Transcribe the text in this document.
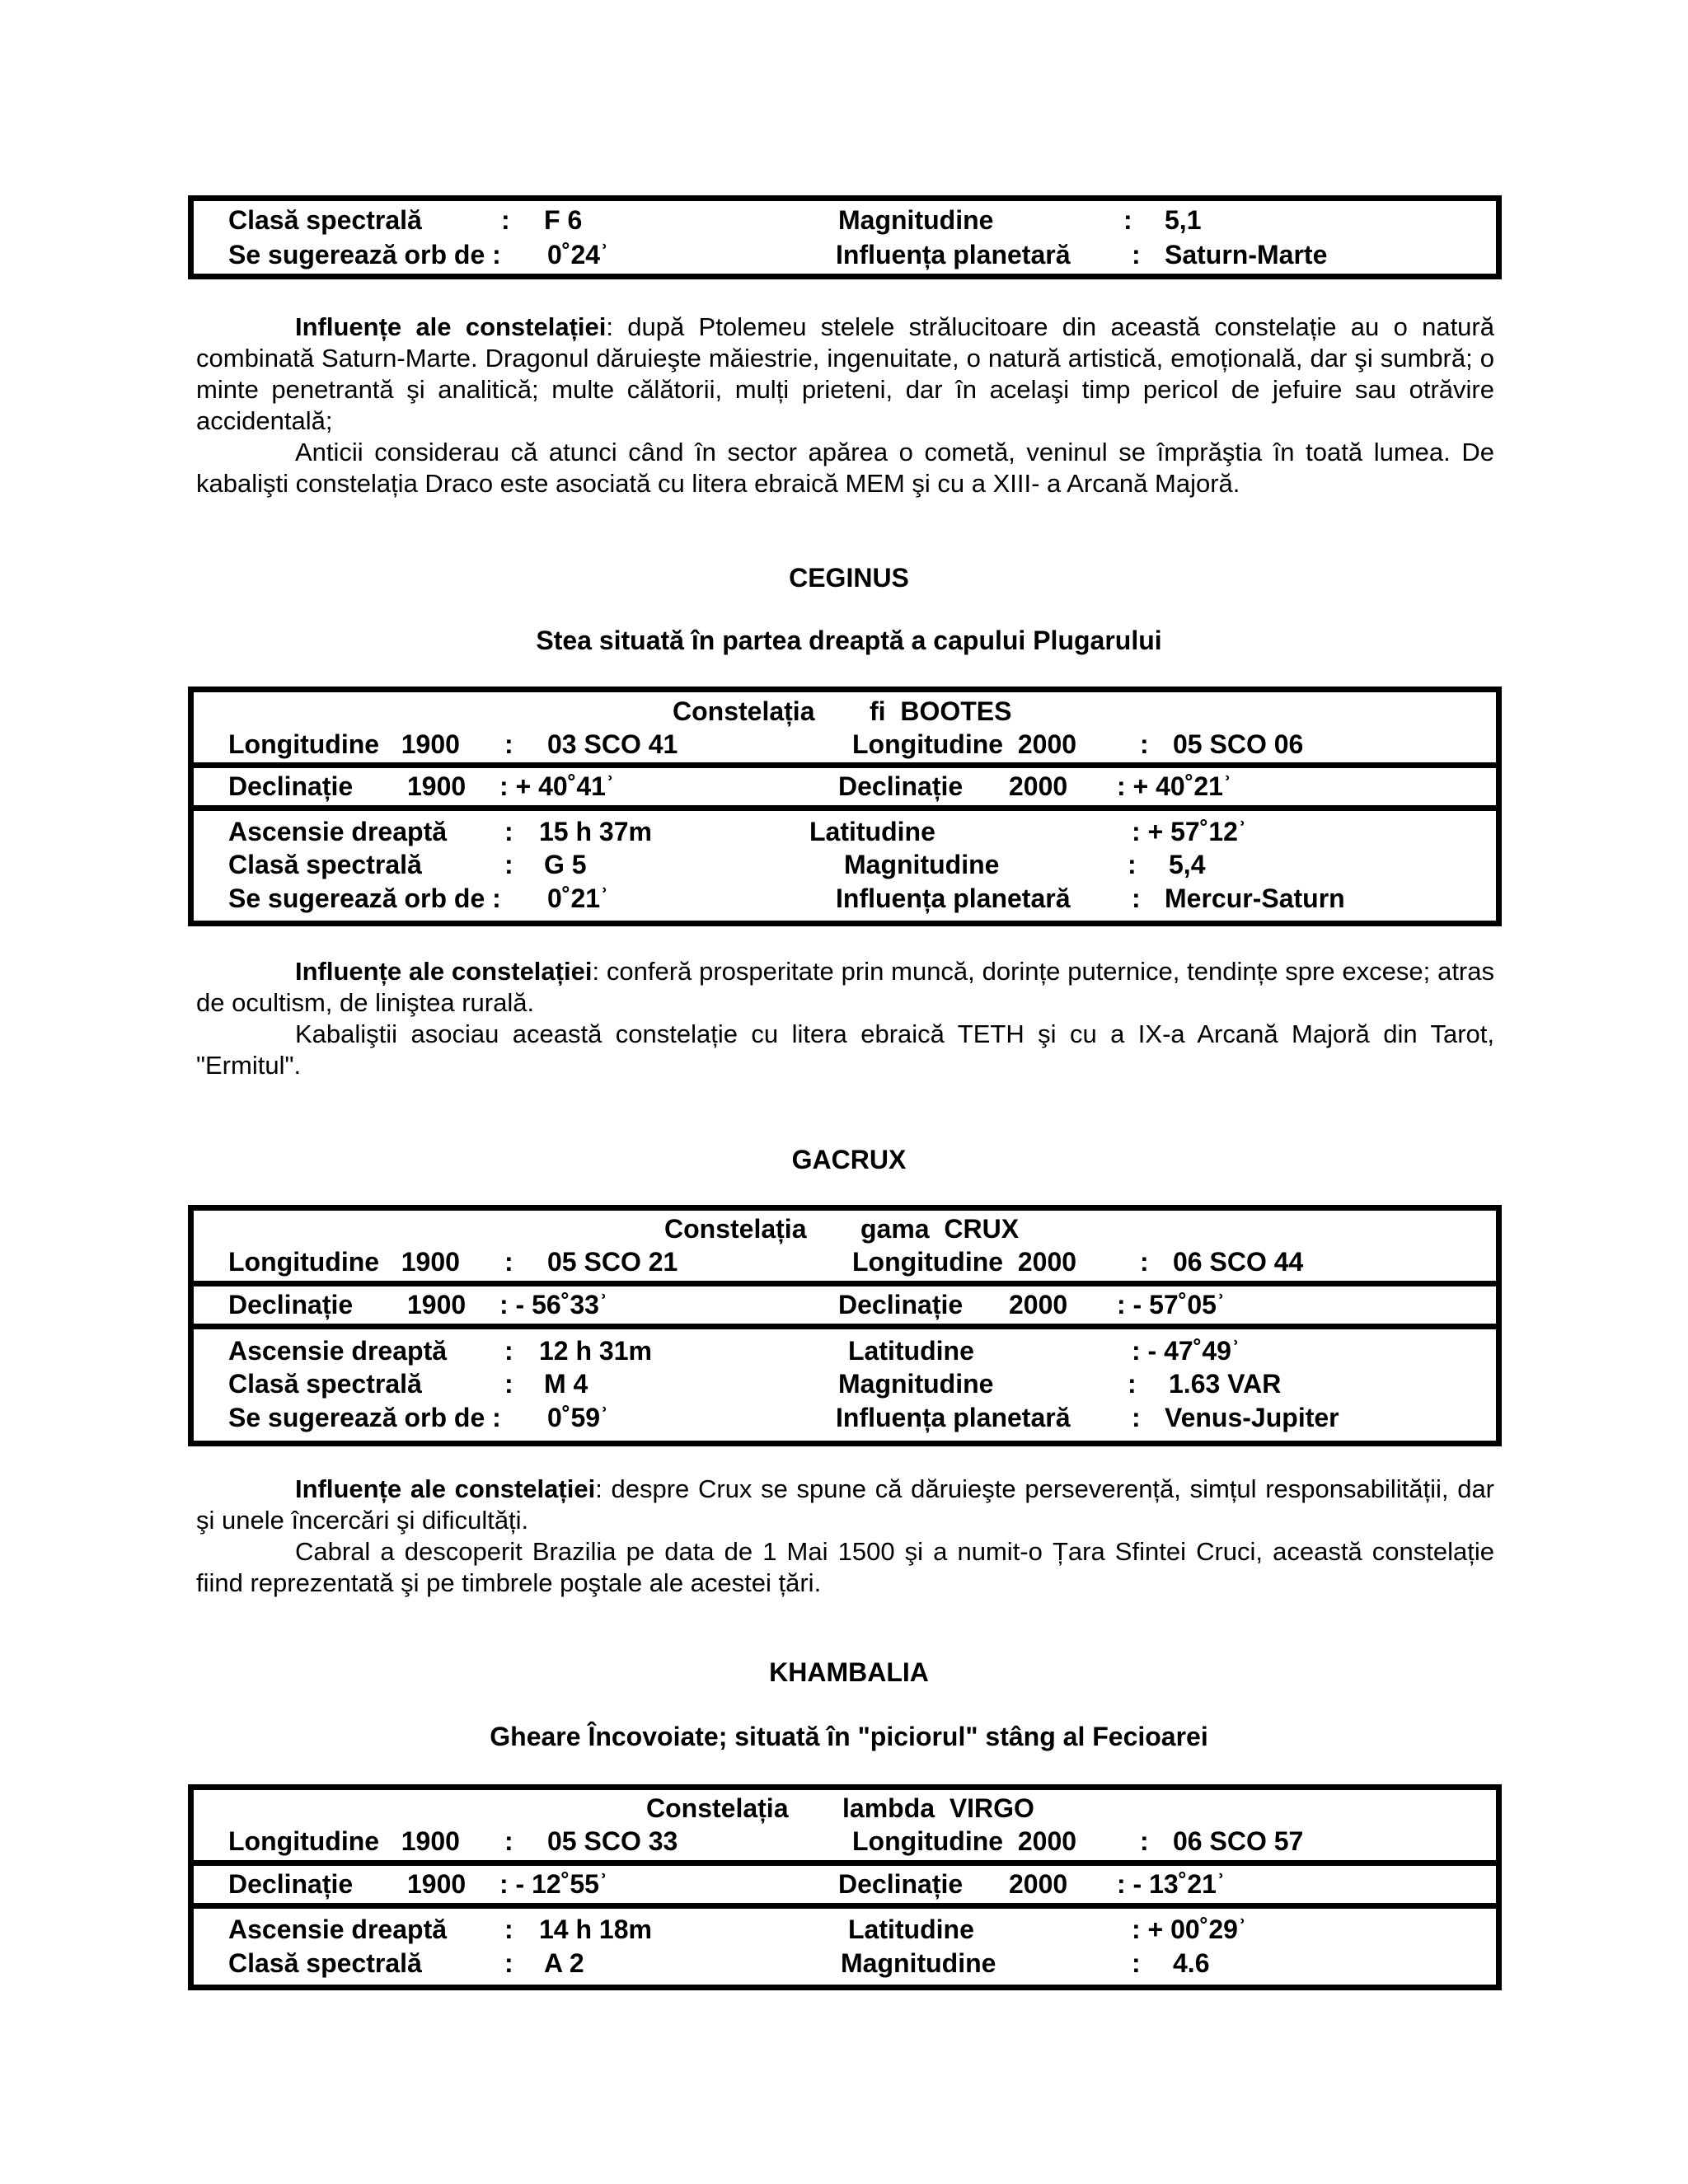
Clasă spectrală	: F 6	Magnitudine	: 5,1
Se sugerează orb de : 0˚24ʾ	Influența planetară : Saturn-Marte

Influențe ale constelației: după Ptolemeu stelele strălucitoare din această constelație au o natură combinată Saturn-Marte. Dragonul dăruieşte măiestrie, ingenuitate, o natură artistică, emoțională, dar şi sumbră; o minte penetrantă şi analitică; multe călătorii, mulți prieteni, dar în acelaşi timp pericol de jefuire sau otrăvire accidentală;

Anticii considerau că atunci când în sector apărea o cometă, veninul se împrăştia în toată lumea. De kabalişti constelația Draco este asociată cu litera ebraică MEM şi cu a XIII- a Arcană Majoră.

CEGINUS
Stea situată în partea dreaptă a capului Plugarului
Constelația fi  BOOTES
Longitudine   1900 : 03 SCO 41	Longitudine  2000 : 05 SCO 06
Declinație 1900 : + 40˚41ʾ	Declinație 2000 : + 40˚21ʾ
Ascensie dreaptă : 15 h 37m	Latitudine	: + 57˚12ʾ
Clasă spectrală	: G 5	Magnitudine	: 5,4
Se sugerează orb de : 0˚21ʾ	Influența planetară : Mercur-Saturn

Influențe ale constelației: conferă prosperitate prin muncă, dorințe puternice, tendințe spre excese; atras de ocultism, de liniştea rurală.

Kabaliştii asociau această constelație cu litera ebraică TETH şi cu a IX-a Arcană Majoră din Tarot, "Ermitul".

GACRUX
Constelația gama  CRUX
Longitudine   1900 : 05 SCO 21	Longitudine  2000 : 06 SCO 44
Declinație 1900 : - 56˚33ʾ	Declinație 2000 : - 57˚05ʾ
Ascensie dreaptă : 12 h 31m	Latitudine	: - 47˚49ʾ
Clasă spectrală	: M 4	Magnitudine	: 1.63 VAR
Se sugerează orb de : 0˚59ʾ	Influența planetară : Venus-Jupiter

Influențe ale constelației: despre Crux se spune că dăruieşte perseverență, simțul responsabilității, dar şi unele încercări şi dificultăți.

Cabral a descoperit Brazilia pe data de 1 Mai 1500 şi a numit-o Țara Sfintei Cruci, această constelație fiind reprezentată şi pe timbrele poştale ale acestei țări.

KHAMBALIA
Gheare Încovoiate; situată în "piciorul" stâng al Fecioarei
Constelația lambda  VIRGO
Longitudine   1900 : 05 SCO 33	Longitudine  2000 : 06 SCO 57
Declinație 1900 : - 12˚55ʾ	Declinație 2000 : - 13˚21ʾ
Ascensie dreaptă : 14 h 18m	Latitudine	: + 00˚29ʾ
Clasă spectrală	: A 2	Magnitudine	: 4.6
